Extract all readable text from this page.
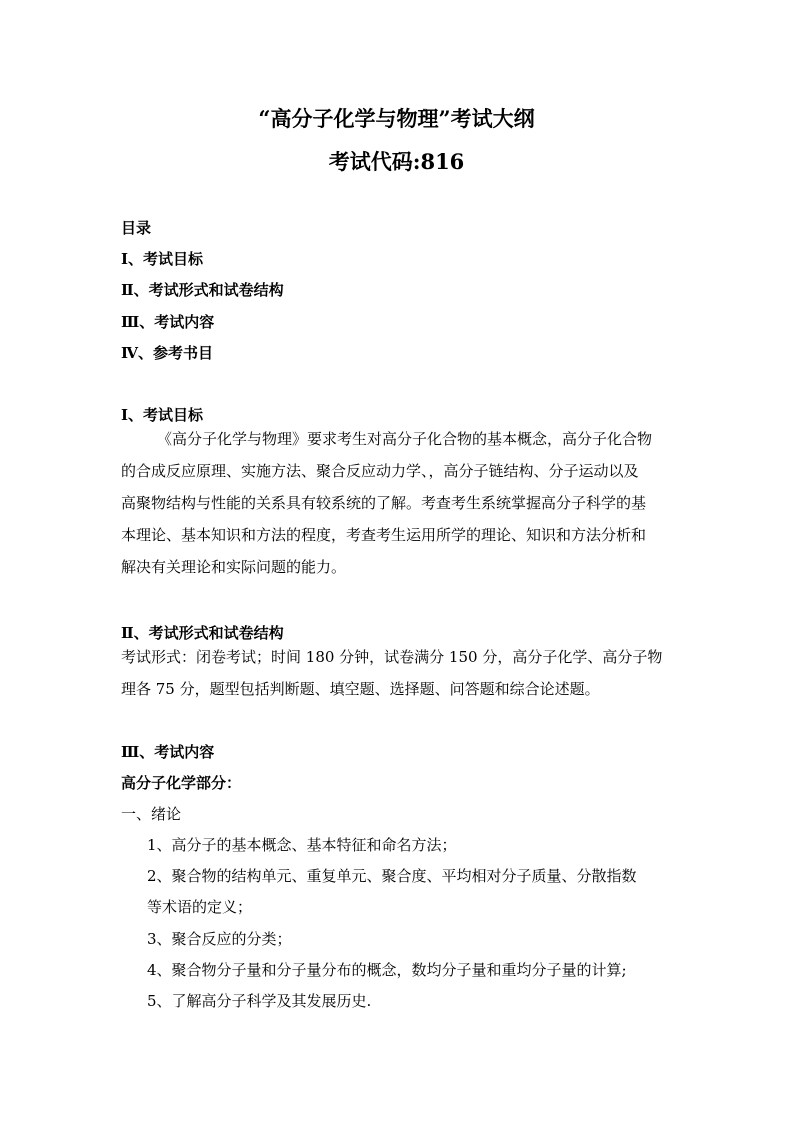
“高分子化学与物理”考试大纲
考试代码:816
目录
Ⅰ、考试目标
Ⅱ、考试形式和试卷结构
Ⅲ、考试内容
Ⅳ、参考书目
Ⅰ、考试目标
《高分子化学与物理》要求考生对高分子化合物的基本概念，高分子化合物
的合成反应原理、实施方法、聚合反应动力学、，高分子链结构、分子运动以及
高聚物结构与性能的关系具有较系统的了解。考查考生系统掌握高分子科学的基
本理论、基本知识和方法的程度，考查考生运用所学的理论、知识和方法分析和
解决有关理论和实际问题的能力。
Ⅱ、考试形式和试卷结构
考试形式：闭卷考试；时间 180 分钟，试卷满分 150 分，高分子化学、高分子物
理各 75 分，题型包括判断题、填空题、选择题、问答题和综合论述题。
Ⅲ、考试内容
高分子化学部分：
一、绪论
1、高分子的基本概念、基本特征和命名方法；
2、聚合物的结构单元、重复单元、聚合度、平均相对分子质量、分散指数
等术语的定义；
3、聚合反应的分类；
4、聚合物分子量和分子量分布的概念，数均分子量和重均分子量的计算;
5、了解高分子科学及其发展历史.
